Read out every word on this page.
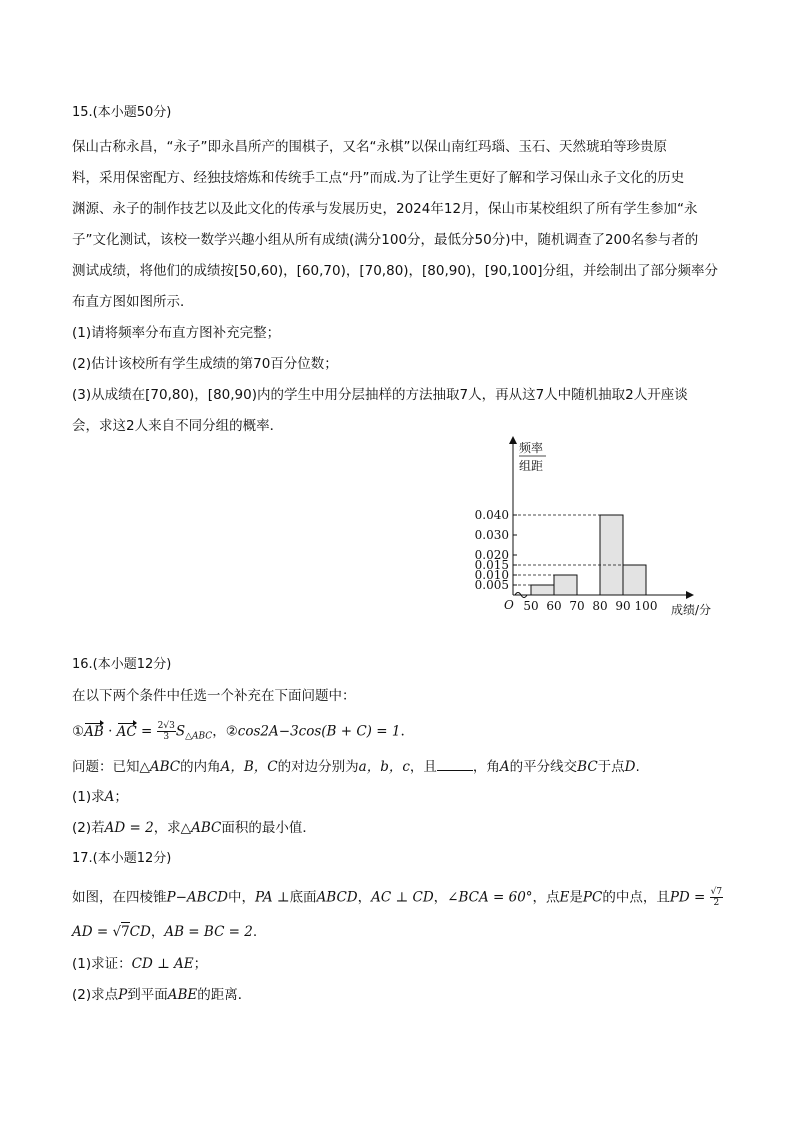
15.(本小题50分)
保山古称永昌，“永子”即永昌所产的围棋子，又名“永棋”以保山南红玛瑙、玉石、天然琥珀等珍贵原
料，采用保密配方、经独技熔炼和传统手工点“丹”而成.为了让学生更好了解和学习保山永子文化的历史
渊源、永子的制作技艺以及此文化的传承与发展历史，2024年12月，保山市某校组织了所有学生参加“永
子”文化测试，该校一数学兴趣小组从所有成绩(满分100分，最低分50分)中，随机调查了200名参与者的
测试成绩，将他们的成绩按[50,60)，[60,70)，[70,80)，[80,90)，[90,100]分组，并绘制出了部分频率分
布直方图如图所示．
(1)请将频率分布直方图补充完整；
(2)估计该校所有学生成绩的第70百分位数；
(3)从成绩在[70,80)，[80,90)内的学生中用分层抽样的方法抽取7人，再从这7人中随机抽取2人开座谈
会，求这2人来自不同分组的概率．
0.005
0.010
0.015
0.020
0.030
0.040
50 60 70 80 90 100
频率
组距
成绩/分
O
16.(本小题12分)
在以下两个条件中任选一个补充在下面问题中：
①AB · AC = $\frac{2√3}{3} S_{\triangle ABC}$，②cos2A−3cos(B + C) = 1.
问题：已知△ABC的内角A，B，C的对边分别为a，b，c，且	，角A的平分线交BC于点D.
(1)求A；
(2)若AD = 2，求△ABC面积的最小值．
17.(本小题12分)
如图，在四棱锥P−ABCD中，PA ⊥底面ABCD，AC ⊥ CD，∠BCA = 60°，点E是PC的中点，且PD = $\frac{√7}{2}$
AD = √7CD，AB = BC = 2.
(1)求证：CD ⊥ AE；
(2)求点P到平面ABE的距离．
